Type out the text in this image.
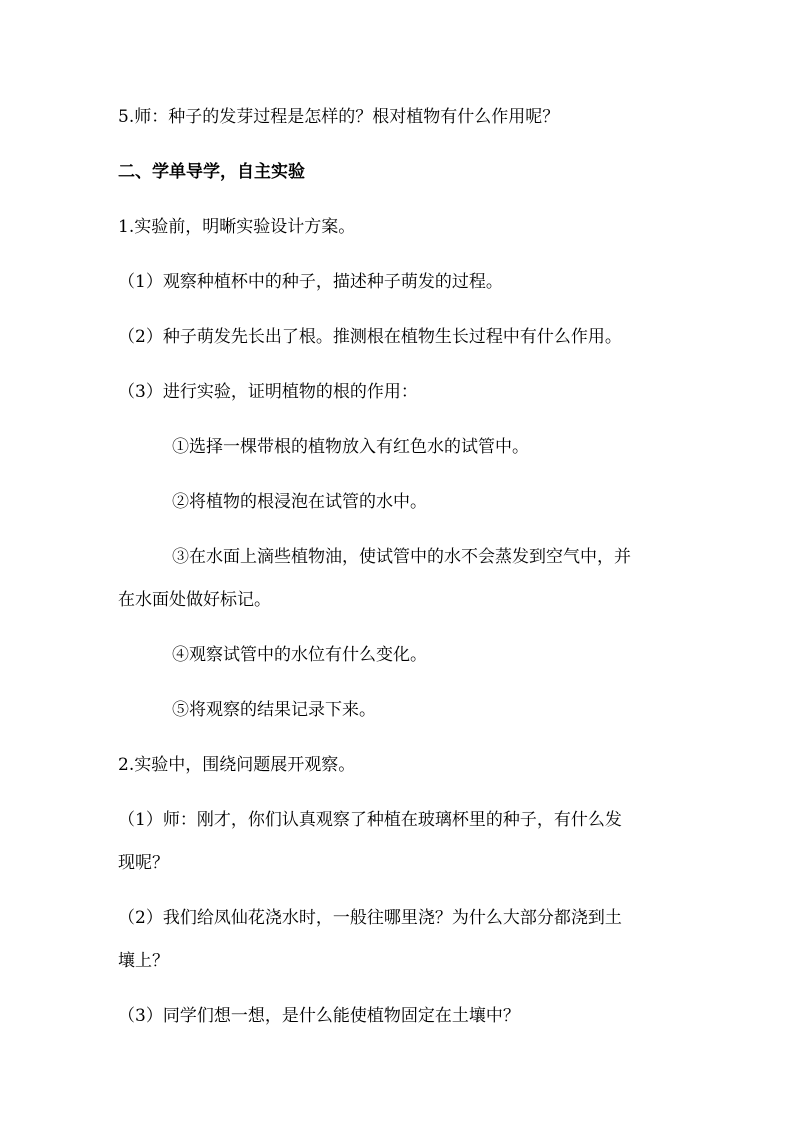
5.师：种子的发芽过程是怎样的？根对植物有什么作用呢？
二、学单导学，自主实验
1.实验前，明晰实验设计方案。
（1）观察种植杯中的种子，描述种子萌发的过程。
（2）种子萌发先长出了根。推测根在植物生长过程中有什么作用。
（3）进行实验，证明植物的根的作用：
①选择一棵带根的植物放入有红色水的试管中。
②将植物的根浸泡在试管的水中。
③在水面上滴些植物油，使试管中的水不会蒸发到空气中，并
在水面处做好标记。
④观察试管中的水位有什么变化。
⑤将观察的结果记录下来。
2.实验中，围绕问题展开观察。
（1）师：刚才，你们认真观察了种植在玻璃杯里的种子，有什么发
现呢？
（2）我们给凤仙花浇水时，一般往哪里浇？为什么大部分都浇到土
壤上？
（3）同学们想一想，是什么能使植物固定在土壤中？
